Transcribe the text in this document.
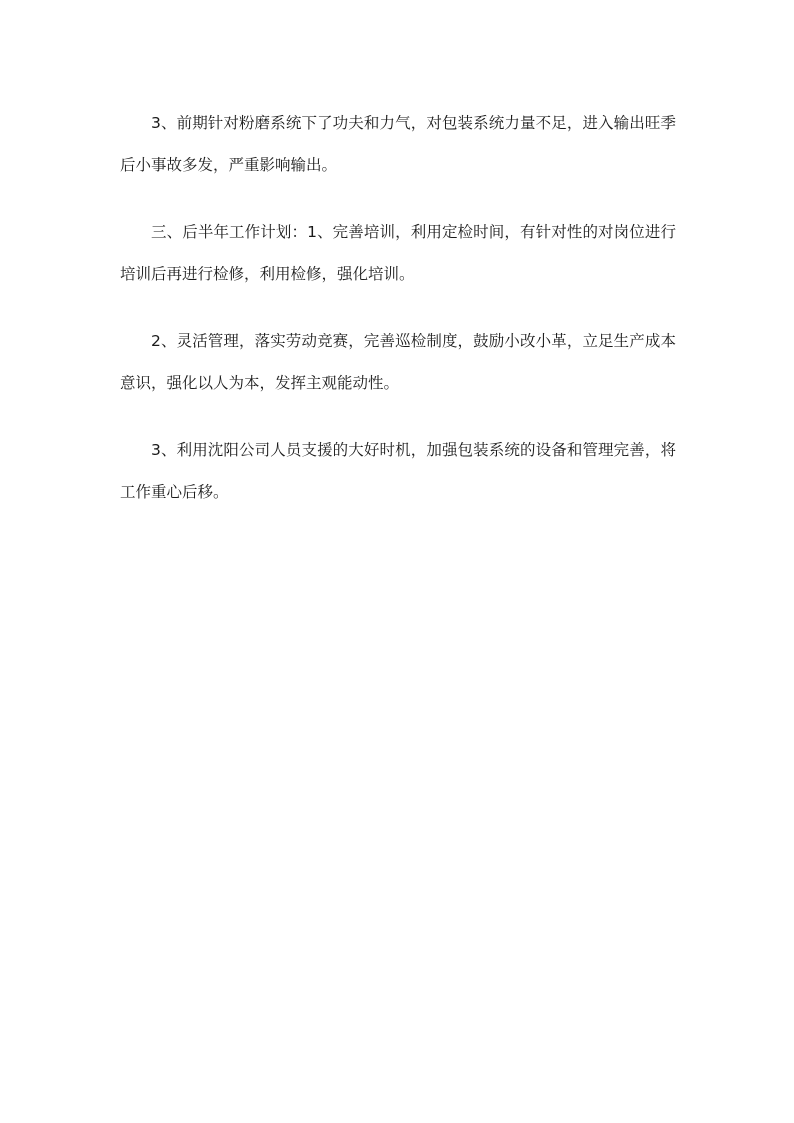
3、前期针对粉磨系统下了功夫和力气，对包装系统力量不足，进入输出旺季后小事故多发，严重影响输出。

三、后半年工作计划：1、完善培训，利用定检时间，有针对性的对岗位进行培训后再进行检修，利用检修，强化培训。

2、灵活管理，落实劳动竞赛，完善巡检制度，鼓励小改小革，立足生产成本意识，强化以人为本，发挥主观能动性。

3、利用沈阳公司人员支援的大好时机，加强包装系统的设备和管理完善，将工作重心后移。
